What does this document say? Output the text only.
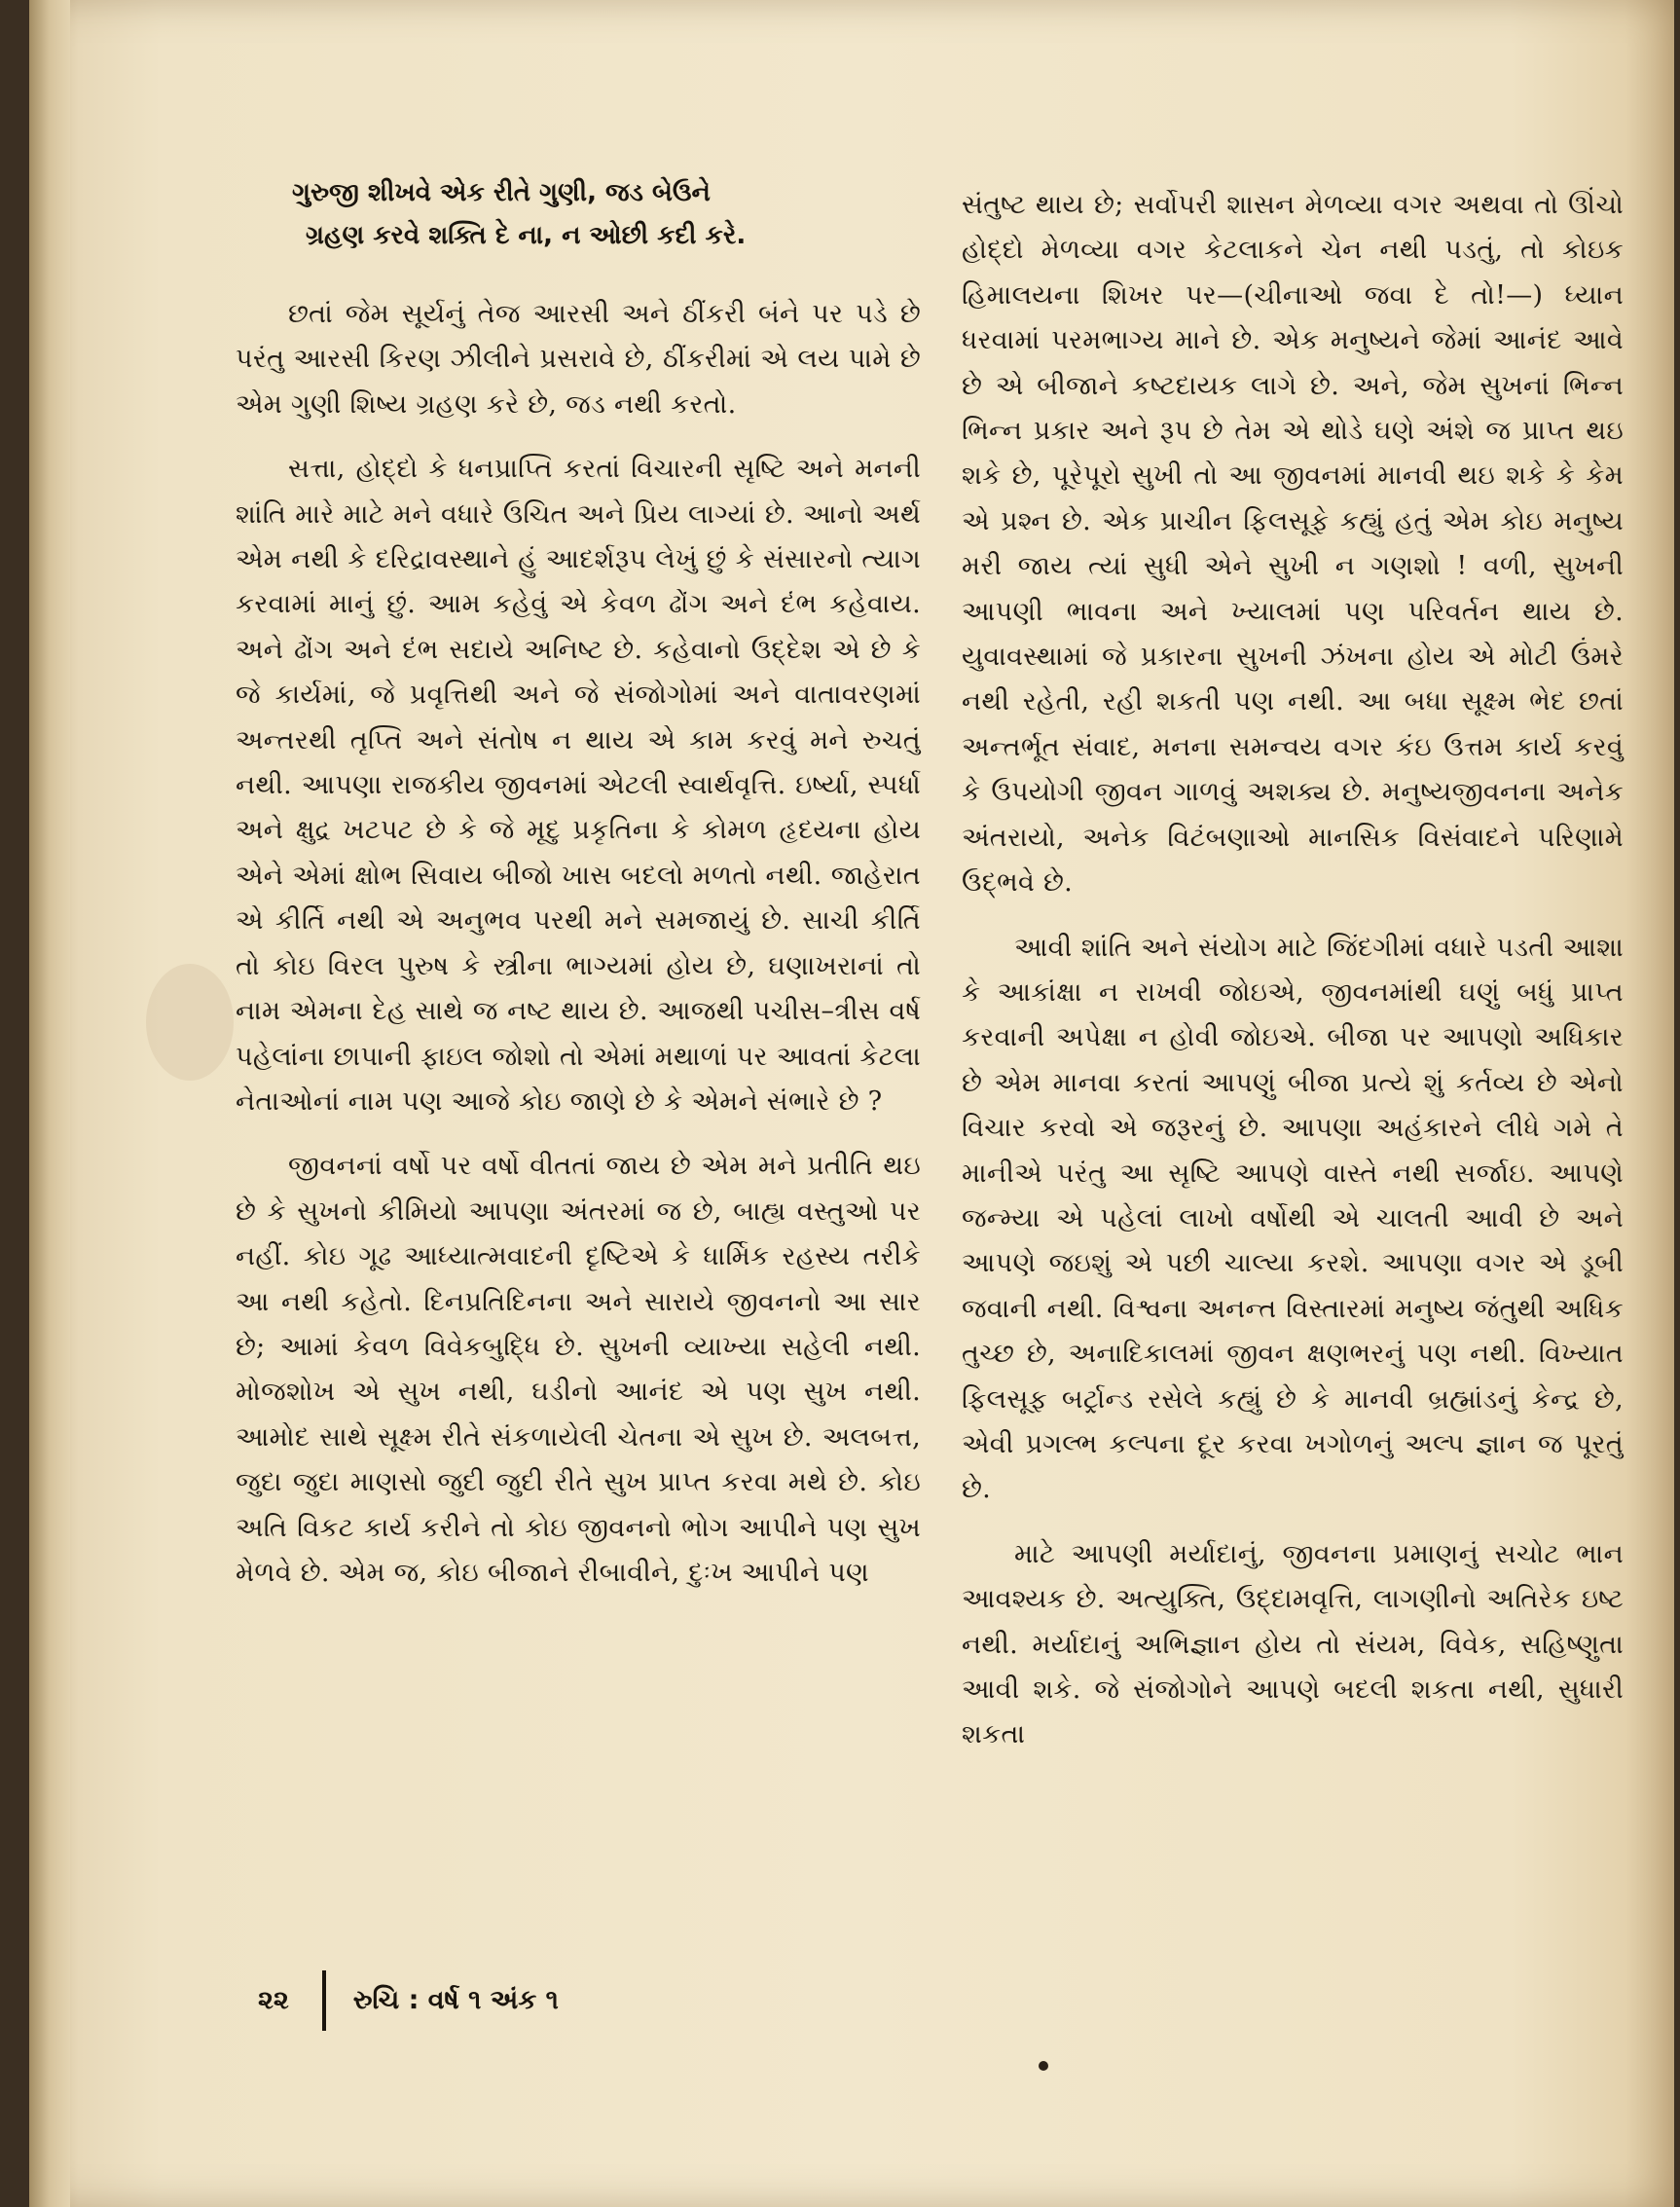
ગુરુજી શીખવે એક રીતે ગુણી, જડ બેઉને
ગ્રહણ કરવે શક્તિ દે ના, ન ઓછી કદી કરે.

છતાં જેમ સૂર્યનું તેજ આરસી અને ઠીંકરી બંને પર પડે છે પરંતુ આરસી કિરણ ઝીલીને પ્રસરાવે છે, ઠીંકરીમાં એ લય પામે છે એમ ગુણી શિષ્ય ગ્રહણ કરે છે, જડ નથી કરતો.

સત્તા, હોદ્દો કે ધનપ્રાપ્તિ કરતાં વિચારની સૃષ્ટિ અને મનની શાંતિ મારે માટે મને વધારે ઉચિત અને પ્રિય લાગ્યાં છે. આનો અર્થ એમ નથી કે દરિદ્રાવસ્થાને હું આદર્શરૂપ લેખું છું કે સંસારનો ત્યાગ કરવામાં માનું છું. આમ કહેવું એ કેવળ ઢોંગ અને દંભ કહેવાય. અને ઢોંગ અને દંભ સદાયે અનિષ્ટ છે. કહેવાનો ઉદ્દેશ એ છે કે જે કાર્યમાં, જે પ્રવૃત્તિથી અને જે સંજોગોમાં અને વાતાવરણમાં અન્તરથી તૃપ્તિ અને સંતોષ ન થાય એ કામ કરવું મને રુચતું નથી. આપણા રાજકીય જીવનમાં એટલી સ્વાર્થવૃત્તિ. ઇર્ષ્યા, સ્પર્ધા અને ક્ષુદ્ર ખટપટ છે કે જે મૃદુ પ્રકૃતિના કે કોમળ હૃદયના હોય એને એમાં ક્ષોભ સિવાય બીજો ખાસ બદલો મળતો નથી. જાહેરાત એ કીર્તિ નથી એ અનુભવ પરથી મને સમજાયું છે. સાચી કીર્તિ તો કોઇ વિરલ પુરુષ કે સ્ત્રીના ભાગ્યમાં હોય છે, ઘણાખરાનાં તો નામ એમના દેહ સાથે જ નષ્ટ થાય છે. આજથી પચીસ–ત્રીસ વર્ષ પહેલાંના છાપાની ફાઇલ જોશો તો એમાં મથાળાં પર આવતાં કેટલા નેતાઓનાં નામ પણ આજે કોઇ જાણે છે કે એમને સંભારે છે ?

જીવનનાં વર્ષો પર વર્ષો વીતતાં જાય છે એમ મને પ્રતીતિ થઇ છે કે સુખનો કીમિયો આપણા અંતરમાં જ છે, બાહ્ય વસ્તુઓ પર નહીં. કોઇ ગૂઢ આધ્યાત્મવાદની દૃષ્ટિએ કે ધાર્મિક રહસ્ય તરીકે આ નથી કહેતો. દિનપ્રતિદિનના અને સારાયે જીવનનો આ સાર છે; આમાં કેવળ વિવેકબુદ્ધિ છે. સુખની વ્યાખ્યા સહેલી નથી. મોજશોખ એ સુખ નથી, ઘડીનો આનંદ એ પણ સુખ નથી. આમોદ સાથે સૂક્ષ્મ રીતે સંકળાયેલી ચેતના એ સુખ છે. અલબત્ત, જુદા જુદા માણસો જુદી જુદી રીતે સુખ પ્રાપ્ત કરવા મથે છે. કોઇ અતિ વિકટ કાર્ય કરીને તો કોઇ જીવનનો ભોગ આપીને પણ સુખ મેળવે છે. એમ જ, કોઇ બીજાને રીબાવીને, દુઃખ આપીને પણ

સંતુષ્ટ થાય છે; સર્વોપરી શાસન મેળવ્યા વગર અથવા તો ઊંચો હોદ્દો મેળવ્યા વગર કેટલાકને ચેન નથી પડતું, તો કોઇક હિમાલયના શિખર પર—(ચીનાઓ જવા દે તો!—) ધ્યાન ધરવામાં પરમભાગ્ય માને છે. એક મનુષ્યને જેમાં આનંદ આવે છે એ બીજાને કષ્ટદાયક લાગે છે. અને, જેમ સુખનાં ભિન્ન ભિન્ન પ્રકાર અને રૂપ છે તેમ એ થોડે ઘણે અંશે જ પ્રાપ્ત થઇ શકે છે, પૂરેપૂરો સુખી તો આ જીવનમાં માનવી થઇ શકે કે કેમ એ પ્રશ્ન છે. એક પ્રાચીન ફિલસૂફે કહ્યું હતું એમ કોઇ મનુષ્ય મરી જાય ત્યાં સુધી એને સુખી ન ગણશો ! વળી, સુખની આપણી ભાવના અને ખ્યાલમાં પણ પરિવર્તન થાય છે. યુવાવસ્થામાં જે પ્રકારના સુખની ઝંખના હોય એ મોટી ઉંમરે નથી રહેતી, રહી શકતી પણ નથી. આ બધા સૂક્ષ્મ ભેદ છતાં અન્તર્ભૂત સંવાદ, મનના સમન્વય વગર કંઇ ઉત્તમ કાર્ય કરવું કે ઉપયોગી જીવન ગાળવું અશક્ય છે. મનુષ્યજીવનના અનેક અંતરાયો, અનેક વિટંબણાઓ માનસિક વિસંવાદને પરિણામે ઉદ્ભવે છે.

આવી શાંતિ અને સંયોગ માટે જિંદગીમાં વધારે પડતી આશા કે આકાંક્ષા ન રાખવી જોઇએ, જીવનમાંથી ઘણું બધું પ્રાપ્ત કરવાની અપેક્ષા ન હોવી જોઇએ. બીજા પર આપણો અધિકાર છે એમ માનવા કરતાં આપણું બીજા પ્રત્યે શું કર્તવ્ય છે એનો વિચાર કરવો એ જરૂરનું છે. આપણા અહંકારને લીધે ગમે તે માનીએ પરંતુ આ સૃષ્ટિ આપણે વાસ્તે નથી સર્જાઇ. આપણે જન્મ્યા એ પહેલાં લાખો વર્ષોથી એ ચાલતી આવી છે અને આપણે જઇશું એ પછી ચાલ્યા કરશે. આપણા વગર એ ડૂબી જવાની નથી. વિશ્વના અનન્ત વિસ્તારમાં મનુષ્ય જંતુથી અધિક તુચ્છ છે, અનાદિકાલમાં જીવન ક્ષણભરનું પણ નથી. વિખ્યાત ફિલસૂફ બર્ટ્રાન્ડ રસેલે કહ્યું છે કે માનવી બ્રહ્માંડનું કેન્દ્ર છે, એવી પ્રગલ્ભ કલ્પના દૂર કરવા ખગોળનું અલ્પ જ્ઞાન જ પૂરતું છે.

માટે આપણી મર્યાદાનું, જીવનના પ્રમાણનું સચોટ ભાન આવશ્યક છે. અત્યુક્તિ, ઉદ્દામવૃત્તિ, લાગણીનો અતિરેક ઇષ્ટ નથી. મર્યાદાનું અભિજ્ઞાન હોય તો સંયમ, વિવેક, સહિષ્ણુતા આવી શકે. જે સંજોગોને આપણે બદલી શકતા નથી, સુધારી શકતા

૨૨ રુચિ : વર્ષ ૧ અંક ૧
